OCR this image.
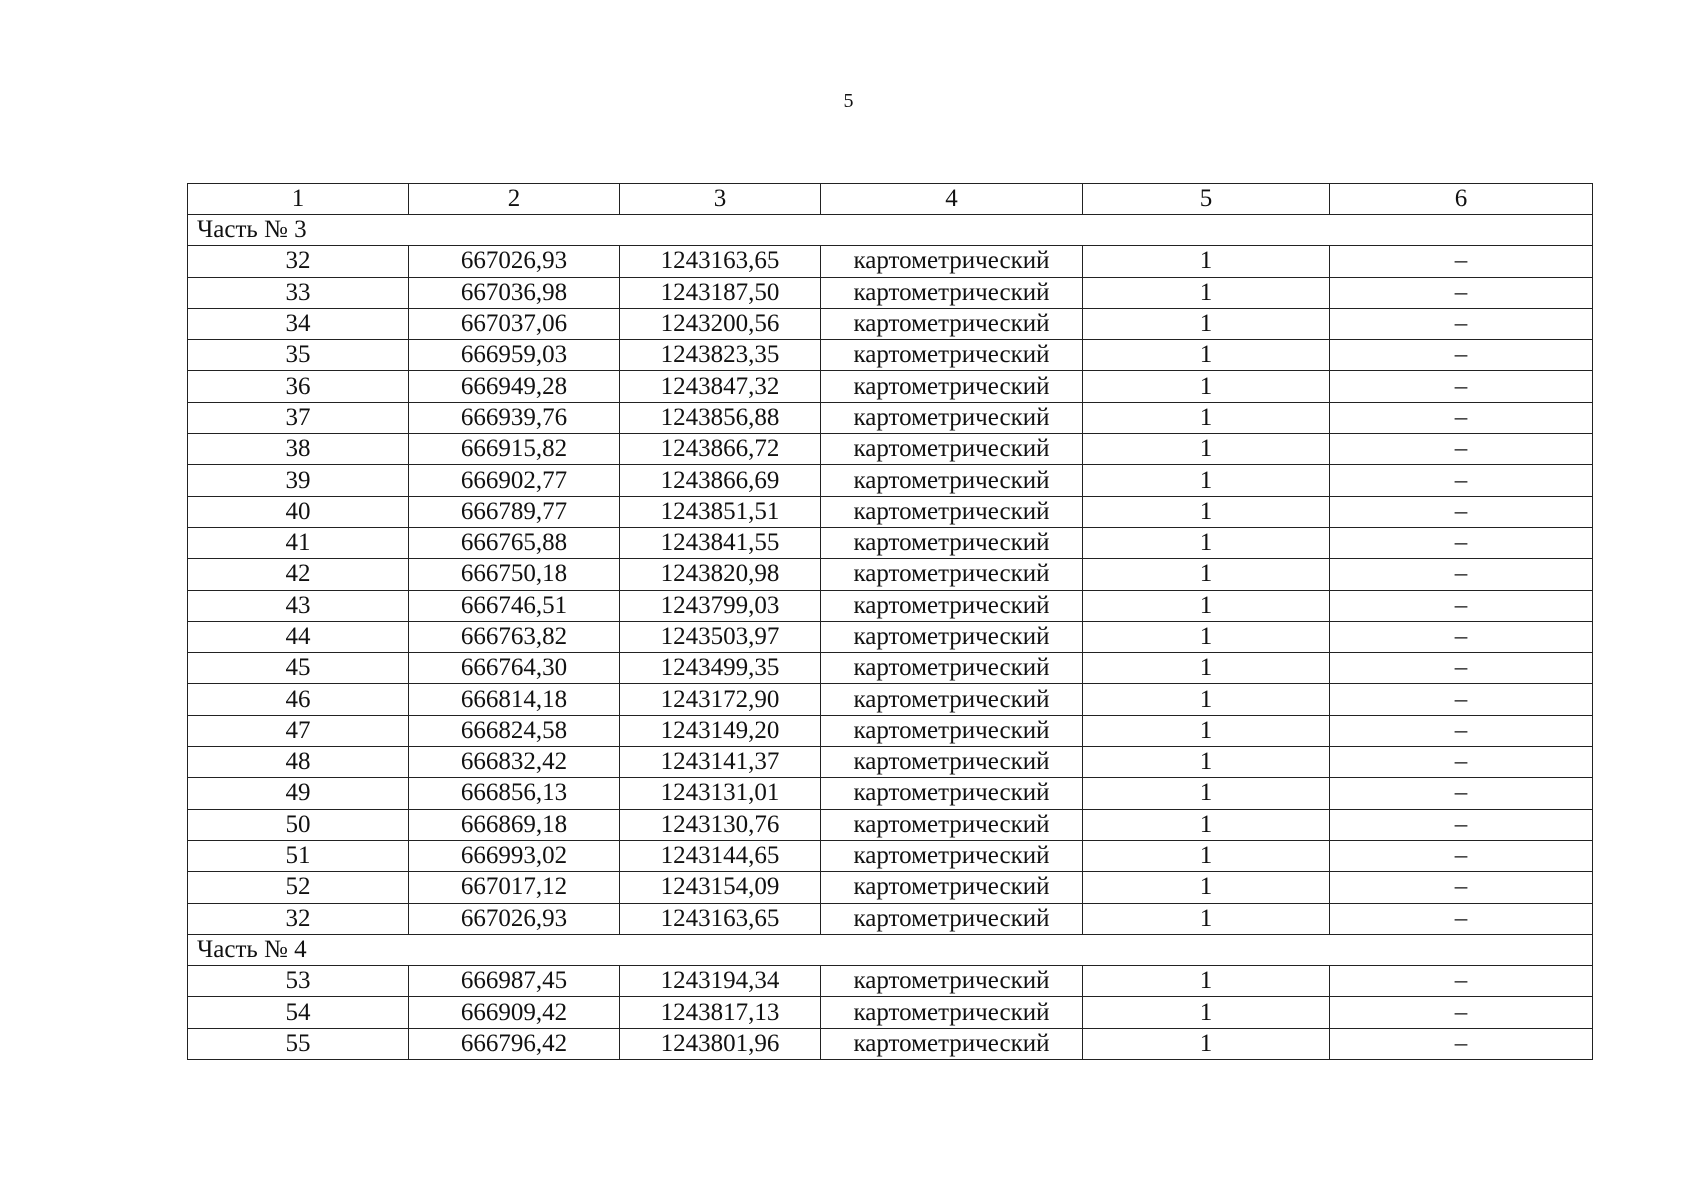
5
1	2	3	4	5	6
Часть № 3					
32	667026,93	1243163,65	картометрический	1	–
33	667036,98	1243187,50	картометрический	1	–
34	667037,06	1243200,56	картометрический	1	–
35	666959,03	1243823,35	картометрический	1	–
36	666949,28	1243847,32	картометрический	1	–
37	666939,76	1243856,88	картометрический	1	–
38	666915,82	1243866,72	картометрический	1	–
39	666902,77	1243866,69	картометрический	1	–
40	666789,77	1243851,51	картометрический	1	–
41	666765,88	1243841,55	картометрический	1	–
42	666750,18	1243820,98	картометрический	1	–
43	666746,51	1243799,03	картометрический	1	–
44	666763,82	1243503,97	картометрический	1	–
45	666764,30	1243499,35	картометрический	1	–
46	666814,18	1243172,90	картометрический	1	–
47	666824,58	1243149,20	картометрический	1	–
48	666832,42	1243141,37	картометрический	1	–
49	666856,13	1243131,01	картометрический	1	–
50	666869,18	1243130,76	картометрический	1	–
51	666993,02	1243144,65	картометрический	1	–
52	667017,12	1243154,09	картометрический	1	–
32	667026,93	1243163,65	картометрический	1	–
Часть № 4					
53	666987,45	1243194,34	картометрический	1	–
54	666909,42	1243817,13	картометрический	1	–
55	666796,42	1243801,96	картометрический	1	–
